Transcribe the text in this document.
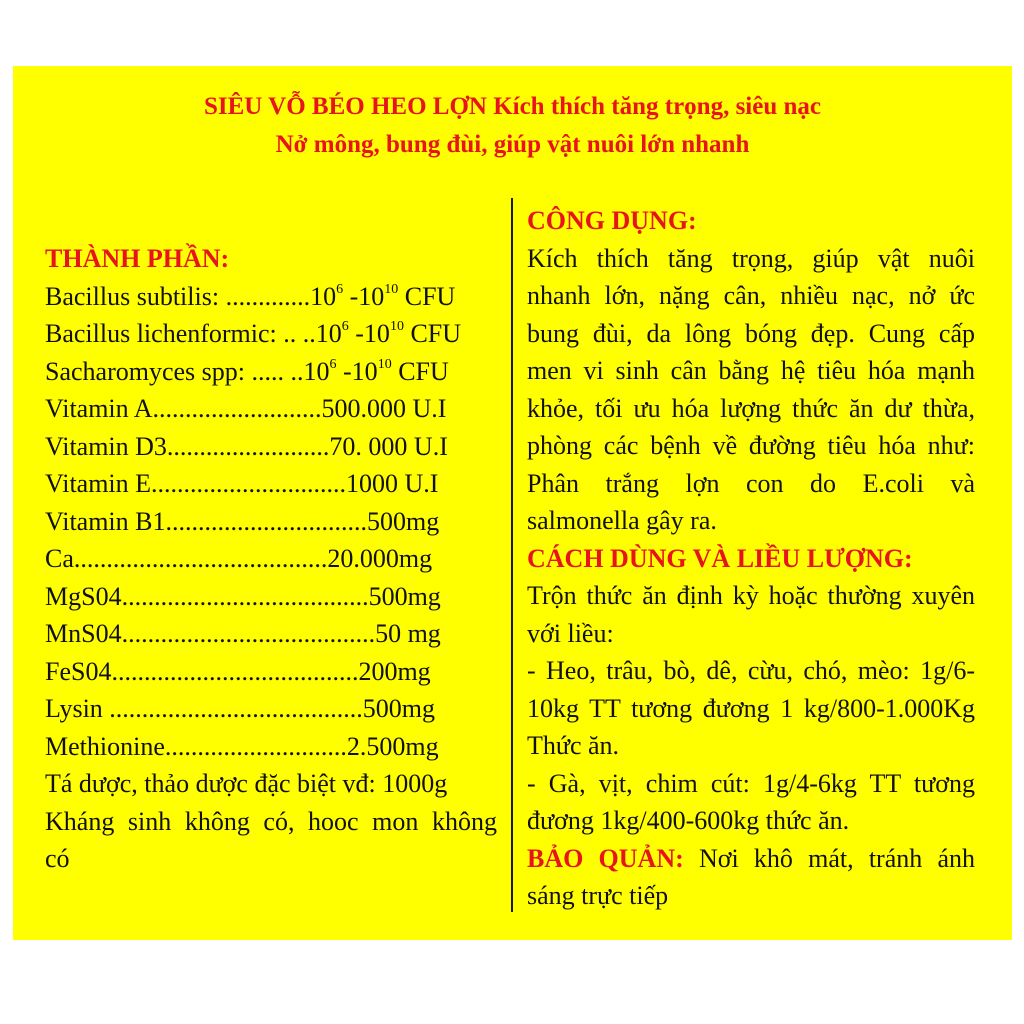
SIÊU VỖ BÉO HEO LỢN Kích thích tăng trọng, siêu nạc
Nở mông, bung đùi, giúp vật nuôi lớn nhanh
THÀNH PHẦN:
Bacillus subtilis: .............10$^6$ $-10^{10}$ CFU
Bacillus lichenformic: .. ..10$^6$ $-10^{10}$ CFU
Sacharomyces spp: ..... ..10$^6$ $-10^{10}$ CFU
Vitamin A..........................500.000 U.I
Vitamin D3.........................70. 000 U.I
Vitamin E..............................1000 U.I
Vitamin B1...............................500mg
Ca.......................................20.000mg
MgS04......................................500mg
MnS04.......................................50 mg
FeS04......................................200mg
Lysin .......................................500mg
Methionine............................2.500mg
Tá dược, thảo dược đặc biệt vđ: 1000g
Kháng sinh không có, hooc mon không
có
CÔNG DỤNG:
Kích thích tăng trọng, giúp vật nuôi
nhanh lớn, nặng cân, nhiều nạc, nở ức
bung đùi, da lông bóng đẹp. Cung cấp
men vi sinh cân bằng hệ tiêu hóa mạnh
khỏe, tối ưu hóa lượng thức ăn dư thừa,
phòng các bệnh về đường tiêu hóa như:
Phân trắng lợn con do E.coli và
salmonella gây ra.
CÁCH DÙNG VÀ LIỀU LƯỢNG:
Trộn thức ăn định kỳ hoặc thường xuyên
với liều:
- Heo, trâu, bò, dê, cừu, chó, mèo: 1g/6-
10kg TT tương đương 1 kg/800-1.000Kg
Thức ăn.
- Gà, vịt, chim cút: 1g/4-6kg TT tương
đương 1kg/400-600kg thức ăn.
BẢO QUẢN: Nơi khô mát, tránh ánh
sáng trực tiếp
